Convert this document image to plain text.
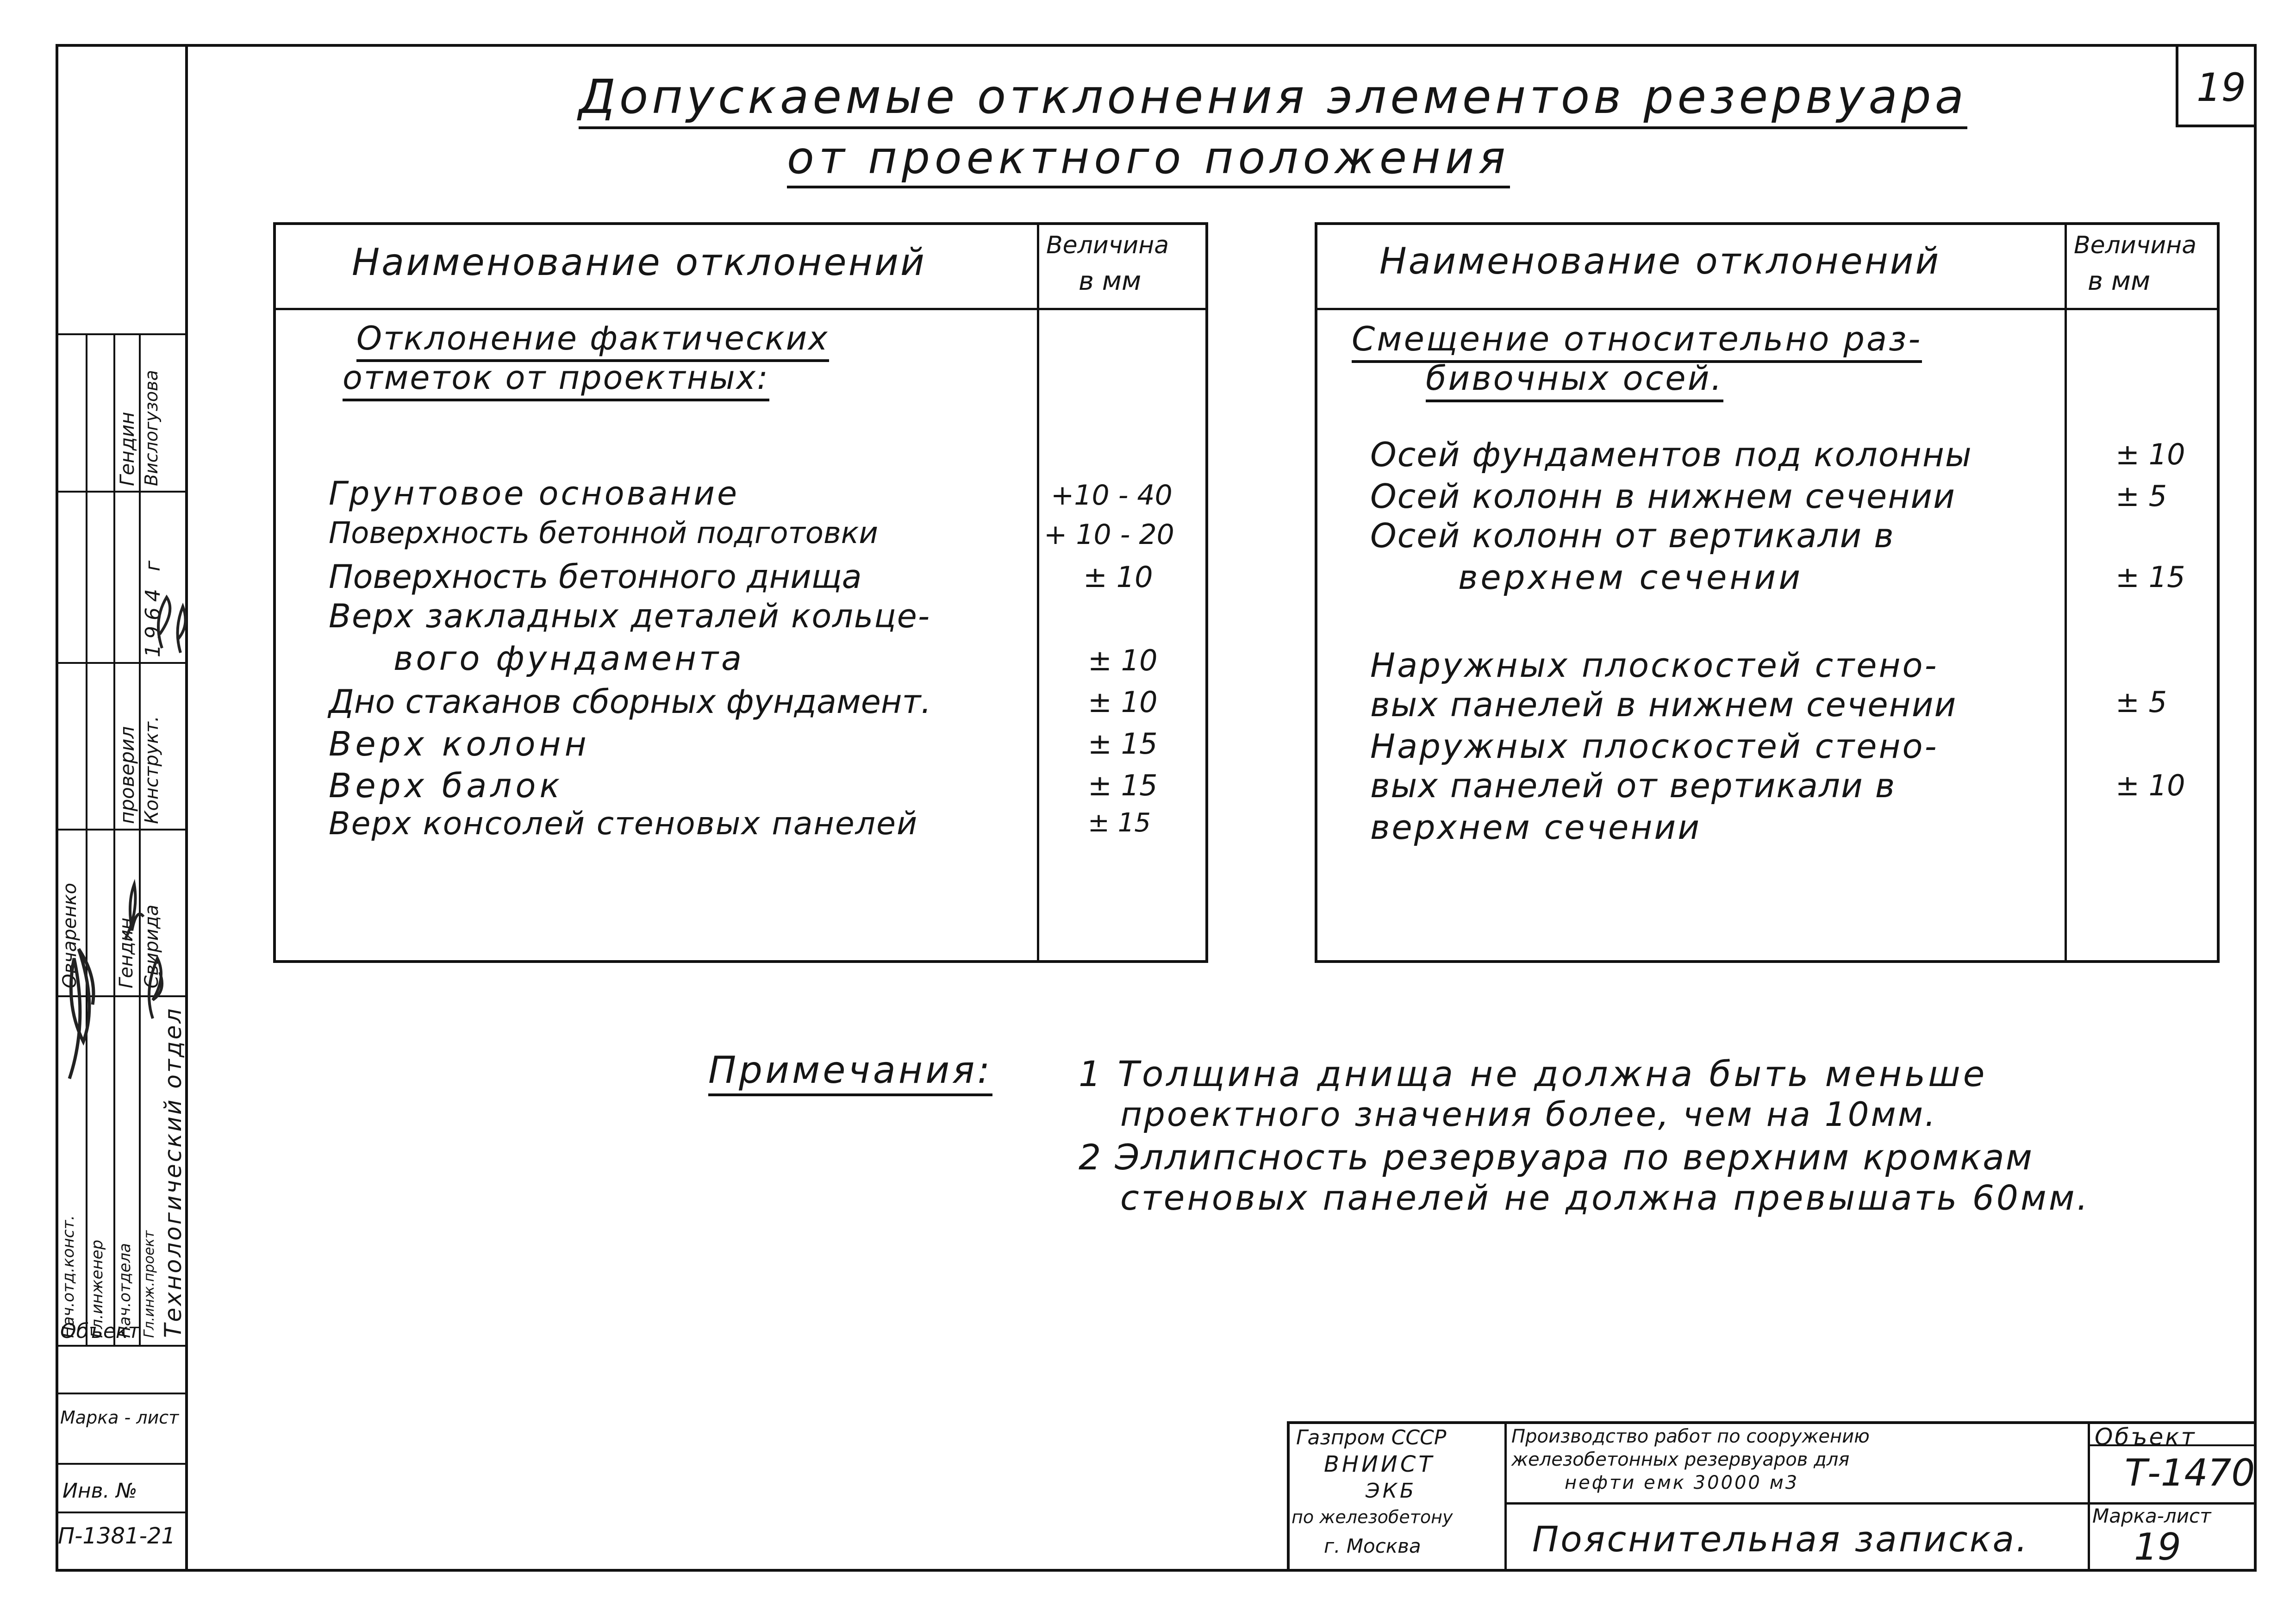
Нач.отд.конст. Гл.инженер Нач.отдела Гл.инж.проект
Овчаренко Гендин Свирида
проверил Конструкт.
Гендин Вислогузова
1964 г
Технологический отдел
Объект
Марка - лист
Инв. №
П-1381-21
Допускаемые отклонения элементов резервуара
от проектного положения
19
Наименование отклонений	Величина
в мм
Отклонение фактических
отметок от проектных:
Грунтовое основание	+10 - 40
Поверхность бетонной подготовки	+ 10 - 20
Поверхность бетонного днища	± 10
Верх закладных деталей кольце-
вого фундамента	± 10
Дно стаканов сборных фундамент.	± 10
Верх колонн	± 15
Верх балок	± 15
Верх консолей стеновых панелей	± 15
Наименование отклонений	Величина
в мм
Смещение относительно раз-
бивочных осей.
Осей фундаментов под колонны	± 10
Осей колонн в нижнем сечении	± 5
Осей колонн от вертикали в
верхнем сечении	± 15
Наружных плоскостей стено-
вых панелей в нижнем сечении	± 5
Наружных плоскостей стено-
вых панелей от вертикали в	± 10
верхнем сечении
Примечания: 1 Толщина днища не должна быть меньше
проектного значения более, чем на 10мм.
2 Эллипсность резервуара по верхним кромкам
стеновых панелей не должна превышать 60мм.
Газпром СССР
ВНИИСТ
ЭКБ
по железобетону
г. Москва
Производство работ по сооружению
железобетонных резервуаров для
нефти емк 30000 м3
Пояснительная записка.
Объект
Т-1470
Марка-лист
19
